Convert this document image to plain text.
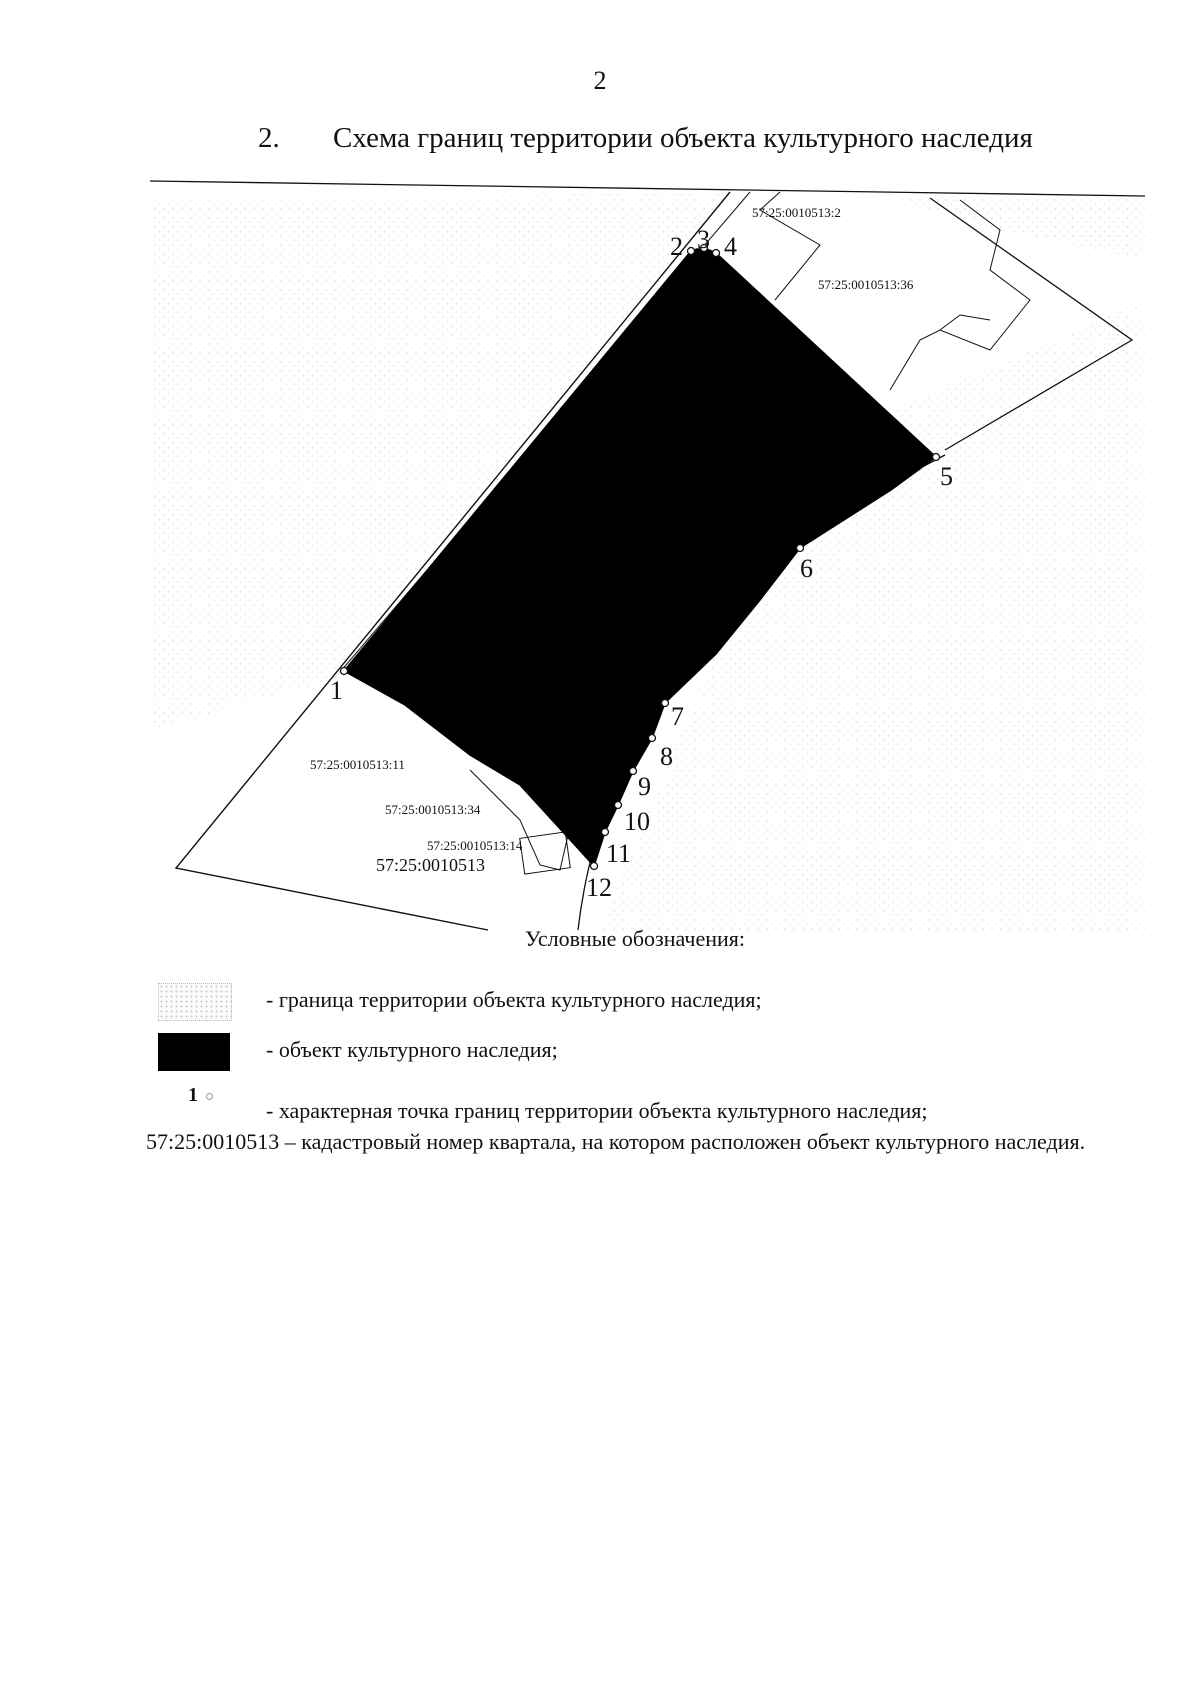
2
2. Схема границ территории объекта культурного наследия
1
2 3 4
5
6
7
8
9
10
11
12
57:25:0010513:2
57:25:0010513:36
57:25:0010513:11
57:25:0010513:34
57:25:0010513:14
57:25:0010513
Условные обозначения:
- граница территории объекта культурного наследия;
- объект культурного наследия;
1
- характерная точка границ территории объекта культурного наследия;
57:25:0010513 – кадастровый номер квартала, на котором расположен объект культурного наследия.
